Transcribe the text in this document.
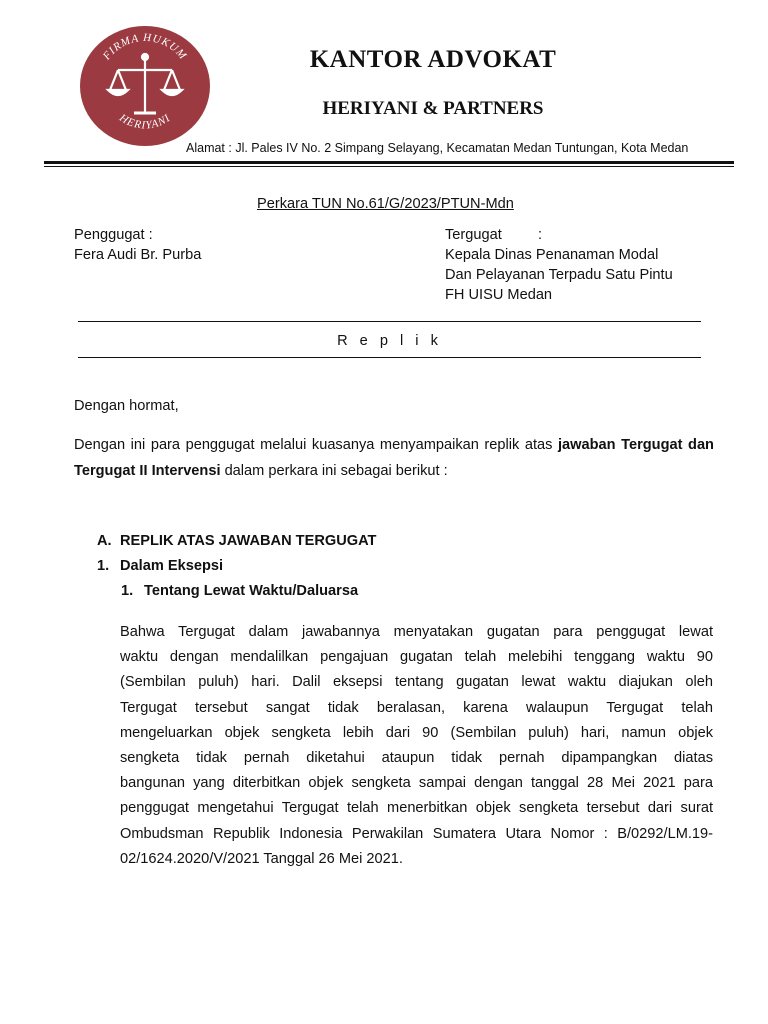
FIRMA HUKUM
HERIYANI
KANTOR ADVOKAT
HERIYANI & PARTNERS
Alamat : Jl. Pales IV No. 2 Simpang Selayang, Kecamatan Medan Tuntungan, Kota Medan
Perkara TUN No.61/G/2023/PTUN-Mdn
Penggugat :
Fera Audi Br. Purba
Tergugat	:
Kepala Dinas Penanaman Modal
Dan Pelayanan Terpadu Satu Pintu
FH UISU Medan
R e p l i k
Dengan hormat,
Dengan ini para penggugat melalui kuasanya menyampaikan replik atas jawaban Tergugat dan Tergugat II Intervensi dalam perkara ini sebagai berikut :
A. REPLIK ATAS JAWABAN TERGUGAT
1. Dalam Eksepsi
1. Tentang Lewat Waktu/Daluarsa
Bahwa Tergugat dalam jawabannya menyatakan gugatan para penggugat lewat
waktu dengan mendalilkan pengajuan gugatan telah melebihi tenggang waktu 90
(Sembilan puluh) hari. Dalil eksepsi tentang gugatan lewat waktu diajukan oleh
Tergugat tersebut sangat tidak beralasan, karena walaupun Tergugat telah
mengeluarkan objek sengketa lebih dari 90 (Sembilan puluh) hari, namun objek
sengketa tidak pernah diketahui ataupun tidak pernah dipampangkan diatas
bangunan yang diterbitkan objek sengketa sampai dengan tanggal 28 Mei 2021 para
penggugat mengetahui Tergugat telah menerbitkan objek sengketa tersebut dari surat
Ombudsman Republik Indonesia Perwakilan Sumatera Utara Nomor : B/0292/LM.19-
02/1624.2020/V/2021 Tanggal 26 Mei 2021.
